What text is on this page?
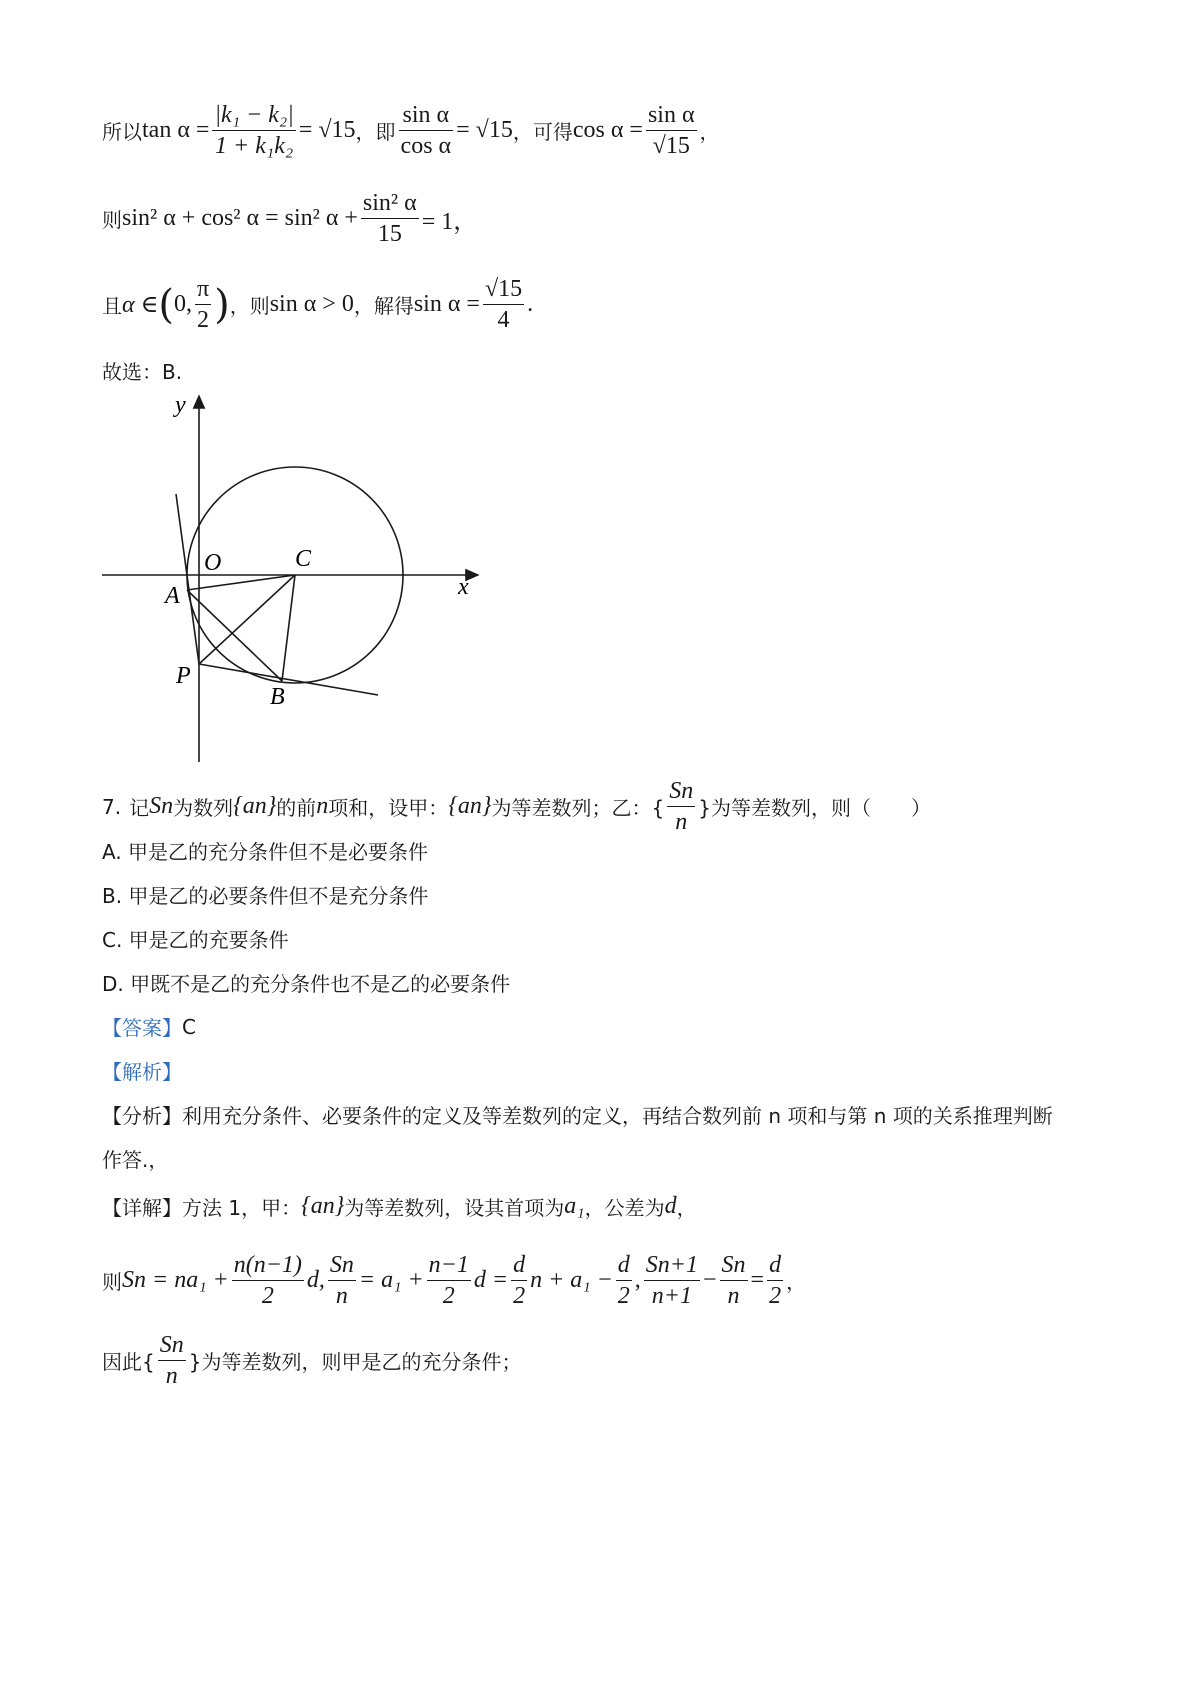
所以 $\tan \alpha = \frac{\text{|k₁ − k₂|}}{\text{1 + k₁k₂}} = √15$ ，即 $\frac{\text{sin α}}{\text{cos α}} = √15$ ，可得 $\cos \alpha = \frac{\text{sin α}}{√15}$ ，
则 sin² α + cos² α = sin² $\alpha + \frac{\text{sin² α}}{15} = 1$，
且 α ∈ ( 0, $\frac{\pi}{2}$ ) ，则 sin α > 0 ，解得 $\sin \alpha = \frac{√15}{4}$ .
故选：B.
y
x
O	C
A
P
B
7. 记 Sn 为数列 {an} 的前 n 项和，设甲： {an} 为等差数列；乙：{ $\frac{Sn}{n}$ }为等差数列，则（　　）
A. 甲是乙的充分条件但不是必要条件
B. 甲是乙的必要条件但不是充分条件
C. 甲是乙的充要条件
D. 甲既不是乙的充分条件也不是乙的必要条件
【答案】 C
【解析】
【分析】 利用充分条件、必要条件的定义及等差数列的定义，再结合数列前 n 项和与第 n 项的关系推理判断
作答.，
【详解】 方法 1，甲： {an} 为等差数列，设其首项为 a₁ ，公差为 d ，
则 $Sn = na_1 + \frac{n(n-1)}{2} d$, $\frac{Sn}{n} = a_1 + \frac{n-1}{2}$ $d = \frac{d}{2}$ $n + a_1 - \frac{d}{2}$ , $\frac{Sn+1}{n+1} - \frac{Sn}{n} = \frac{d}{2}$ ，
因此{ $\frac{Sn}{n}$ }为等差数列，则甲是乙的充分条件；
